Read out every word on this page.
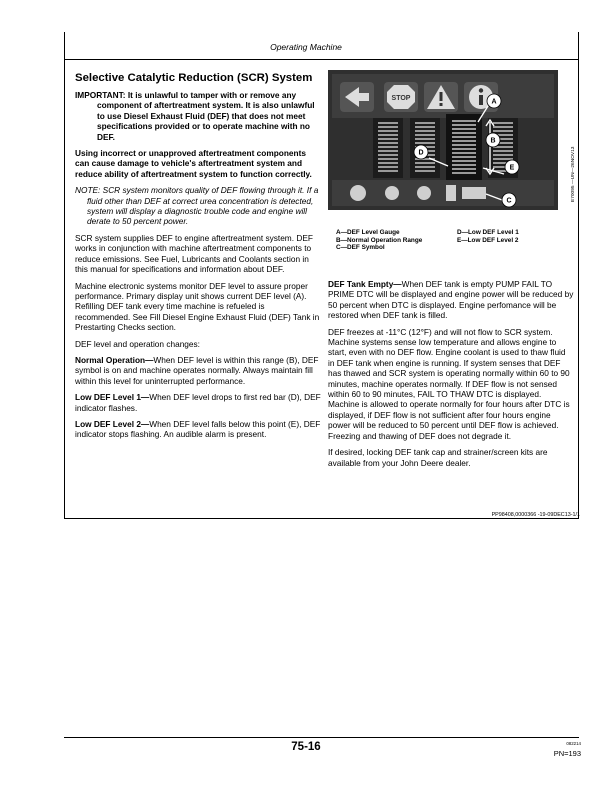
Operating Machine
Selective Catalytic Reduction (SCR) System

IMPORTANT: It is unlawful to tamper with or remove any component of aftertreatment system. It is also unlawful to use Diesel Exhaust Fluid (DEF) that does not meet specifications provided or to operate machine with no DEF.

Using incorrect or unapproved aftertreatment components can cause damage to vehicle's aftertreatment system and reduce ability of aftertreatment system to function correctly.

NOTE: SCR system monitors quality of DEF flowing through it. If a fluid other than DEF at correct urea concentration is detected, system will display a diagnostic trouble code and engine will derate to 50 percent power.

SCR system supplies DEF to engine aftertreatment system. DEF works in conjunction with machine aftertreatment components to reduce emissions. See Fuel, Lubricants and Coolants section in this manual for specifications and information about DEF.

Machine electronic systems monitor DEF level to assure proper performance. Primary display unit shows current DEF level (A). Refilling DEF tank every time machine is refueled is recommended. See Fill Diesel Engine Exhaust Fluid (DEF) Tank in Prestarting Checks section.

DEF level and operation changes:

Normal Operation—When DEF level is within this range (B), DEF symbol is on and machine operates normally. Always maintain fill within this level for uninterrupted performance.

Low DEF Level 1—When DEF level drops to first red bar (D), DEF indicator flashes.

Low DEF Level 2—When DEF level falls below this point (E), DEF indicator stops flashing. An audible alarm is present.

STOP	A
B
C
D
E	E70095 —UN—26NOV13
A—DEF Level Gauge
B—Normal Operation Range
C—DEF Symbol
D—Low DEF Level 1
E—Low DEF Level 2

DEF Tank Empty—When DEF tank is empty PUMP FAIL TO PRIME DTC will be displayed and engine power will be reduced by 50 percent when DTC is displayed. Engine perfomance will be restored when DEF tank is filled.

DEF freezes at -11°C (12°F) and will not flow to SCR system. Machine systems sense low temperature and allows engine to start, even with no DEF flow. Engine coolant is used to thaw fluid in DEF tank when engine is running. If system senses that DEF has thawed and SCR system is operating normally within 60 to 90 minutes, machine operates normally. If DEF flow is not sensed within 60 to 90 minutes, FAIL TO THAW DTC is displayed. Machine is allowed to operate normally for four hours after DTC is displayed, if DEF flow is not sufficient after four hours engine power will be reduced to 50 percent until DEF flow is achieved. Freezing and thawing of DEF does not degrade it.

If desired, locking DEF tank cap and strainer/screen kits are available from your John Deere dealer.

PP98408,0000366 -19-09DEC13-1/1
75-16	082214
PN=193
